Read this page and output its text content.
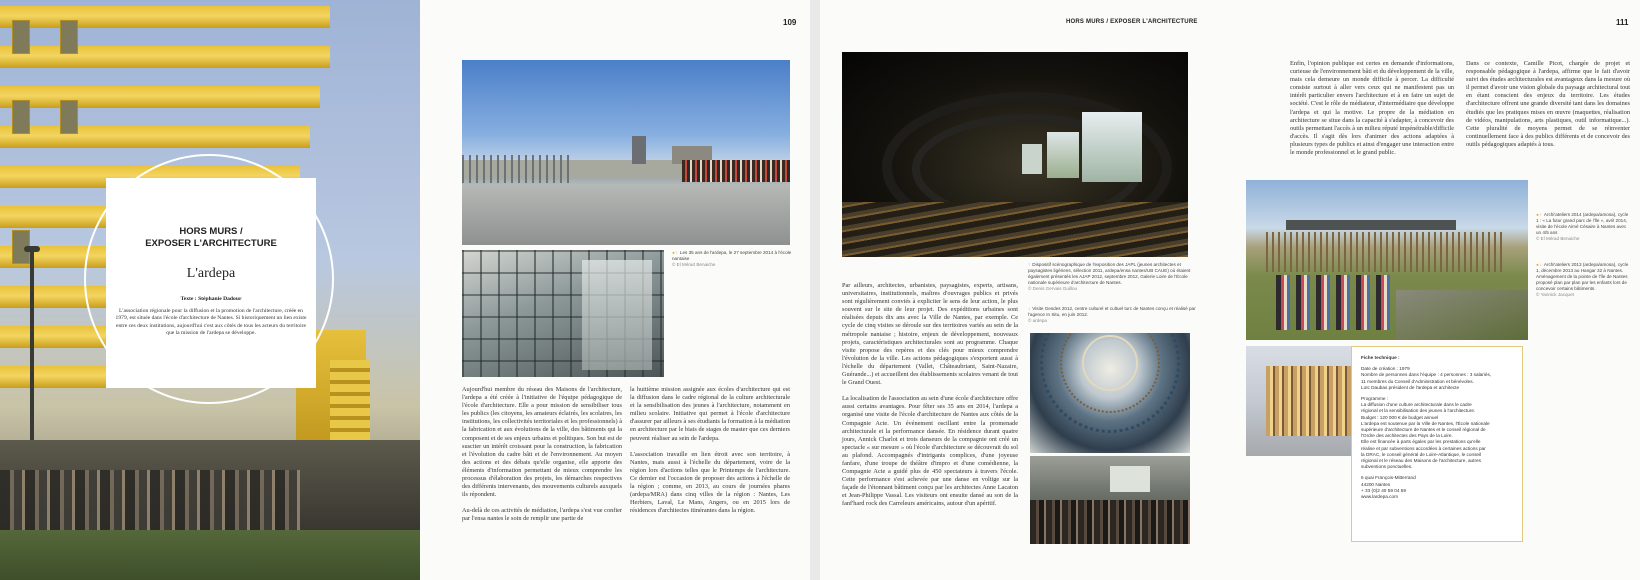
HORS MURS /
EXPOSER L'ARCHITECTURE
L'ardepa
Texte : Stéphanie Dadour
L'association régionale pour la diffusion et la promotion de l'architecture, créée en 1979, est située dans l'école d'architecture de Nantes. Si historiquement un lien existe entre ces deux institutions, aujourd'hui c'est aux côtés de tous les acteurs du territoire que la mission de l'ardepa se développe.
109
◂ ↑ Les 35 ans de l'ardepa, le 27 septembre 2014 à l'école nantaise
© El Mérad Benaiche

Aujourd'hui membre du réseau des Maisons de l'architecture, l'ardepa a été créée à l'initiative de l'équipe pédagogique de l'école d'architecture. Elle a pour mission de sensibiliser tous les publics (les citoyens, les amateurs éclairés, les scolaires, les institutions, les collectivités territoriales et les professionnels) à la fabrication et aux évolutions de la ville, des bâtiments qui la composent et de ses enjeux urbains et politiques. Son but est de susciter un intérêt croissant pour la construction, la fabrication et l'évolution du cadre bâti et de l'environnement. Au moyen des actions et des débats qu'elle organise, elle apporte des éléments d'information permettant de mieux comprendre les processus d'élaboration des projets, les démarches respectives des différents intervenants, des mouvements culturels auxquels ils répondent.

Au-delà de ces activités de médiation, l'ardepa s'est vue confier par l'ensa nantes le soin de remplir une partie de

la huitième mission assignée aux écoles d'architecture qui est la diffusion dans le cadre régional de la culture architecturale et la sensibilisation des jeunes à l'architecture, notamment en milieu scolaire. Initiative qui permet à l'école d'architecture d'assurer par ailleurs à ses étudiants la formation à la médiation en architecture par le biais de stages de master que ces derniers peuvent réaliser au sein de l'ardepa.

L'association travaille en lien étroit avec son territoire, à Nantes, mais aussi à l'échelle du département, voire de la région lors d'actions telles que le Printemps de l'architecture. Ce dernier est l'occasion de proposer des actions à l'échelle de la région ; comme, en 2013, au cours de journées phares (ardepa/MRA) dans cinq villes de la région : Nantes, Les Herbiers, Laval, Le Mans, Angers, ou en 2015 lors de résidences d'architectes itinérantes dans la région.

HORS MURS / EXPOSER L'ARCHITECTURE	111
↑ Dispositif scénographique de l'exposition des JAPL (jeunes architectes et paysagistes ligériens, sélection 2011, ardepa/ensa nantes/UB CAUE) où étaient également présentés les AJAP 2012, septembre 2012, Galerie Loire de l'École nationale supérieure d'architecture de Nantes.
© Denis Gervais Guillou
↓ Visite Gesdes 2012, centre culturel et cultuel turc de Nantes conçu et réalisé par l'agence In Situ, en juin 2012.
© ardepa

Par ailleurs, architectes, urbanistes, paysagistes, experts, artisans, universitaires, institutionnels, maîtres d'ouvrages publics et privés sont régulièrement conviés à expliciter le sens de leur action, le plus souvent sur le site de leur projet. Des expéditions urbaines sont réalisées depuis dix ans avec la Ville de Nantes, par exemple. Ce cycle de cinq visites se déroule sur des territoires variés au sein de la métropole nantaise ; histoire, enjeux de développement, nouveaux projets, caractéristiques architecturales sont au programme. Chaque visite propose des repères et des clés pour mieux comprendre l'évolution de la ville. Les actions pédagogiques s'exportent aussi à l'échelle du département (Vallet, Châteaubriant, Saint-Nazaire, Guérande...) et accueillent des établissements scolaires venant de tout le Grand Ouest.

La localisation de l'association au sein d'une école d'architecture offre aussi certains avantages. Pour fêter ses 35 ans en 2014, l'ardepa a organisé une visite de l'école d'architecture de Nantes aux côtés de la Compagnie Acte. Un événement oscillant entre la promenade architecturale et la performance dansée. En résidence durant quatre jours, Annick Charlot et trois danseurs de la compagnie ont créé un spectacle « sur mesure » où l'école d'architecture se découvrait du sol au plafond. Accompagnés d'intrigants complices, d'une joyeuse fanfare, d'une troupe de théâtre d'impro et d'une comédienne, la Compagnie Acte a guidé plus de 450 spectateurs à travers l'école. Cette performance s'est achevée par une danse en voltige sur la façade de l'étonnant bâtiment conçu par les architectes Anne Lacaton et Jean-Philippe Vassal. Les visiteurs ont ensuite dansé au son de la fanf'hard rock des Carreleurs américains, autour d'un apéritif.

Enfin, l'opinion publique est certes en demande d'informations, curieuse de l'environnement bâti et du développement de la ville, mais cela demeure un monde difficile à percer. La difficulté consiste surtout à aller vers ceux qui ne manifestent pas un intérêt particulier envers l'architecture et à en faire un sujet de société. C'est le rôle de médiateur, d'intermédiaire que développe l'ardepa et qui la motive. Le propre de la médiation en architecture se situe dans la capacité à s'adapter, à concevoir des outils permettant l'accès à un milieu réputé impénétrable/difficile d'accès. Il s'agit dès lors d'animer des actions adaptées à plusieurs types de publics et ainsi d'engager une interaction entre le monde professionnel et le grand public.

Dans ce contexte, Camille Picot, chargée de projet et responsable pédagogique à l'ardepa, affirme que le fait d'avoir suivi des études architecturales est avantageux dans la mesure où il permet d'avoir une vision globale du paysage architectural tout en étant conscient des enjeux du territoire. Les études d'architecture offrent une grande diversité tant dans les domaines étudiés que les pratiques mises en œuvre (maquettes, réalisation de vidéos, manipulations, arts plastiques, outil informatique...). Cette pluralité de moyens permet de se réinventer continuellement face à des publics différents et de concevoir des outils pédagogiques adaptés à tous.

◂ ↑ Archi'ateliers 2014 (ardepa/amosa), cycle 1 : « La futur grand parc de l'Île », avril 2014, visite de l'école Aimé Césaire à Nantes avec un 4/5 ans
© El Mérad Benaiche
◂ ↓ Archi'ateliers 2013 (ardepa/amosa), cycle 1, décembre 2013 au Hangar 32 à Nantes. Aménagement de la pointe de l'île de Nantes proposé plan par plan par les enfants lors de concevoir certains bâtiments.
© Yannick Jacquet
Fiche technique :
Date de création : 1979
Nombre de personnes dans l'équipe : 4 personnes : 3 salariés,
11 membres du Conseil d'Administration et bénévoles.
Loïc Daubas président de l'ardepa et architecte
Programme :
La diffusion d'une culture architecturale dans le cadre
régional et la sensibilisation des jeunes à l'architecture.
Budget : 120 000 € de budget annuel
L'ardepa est soutenue par la Ville de Nantes, l'École nationale
supérieure d'architecture de Nantes et le conseil régional de
l'Ordre des architectes des Pays de la Loire.
Elle est financée à parts égales par les prestations qu'elle
réalise et par subventions accordées à certaines actions par
la DRAC, le conseil général de Loire-Atlantique, le conseil
régional et le réseau des Maisons de l'architecture, autres
subventions ponctuelles.
6 quai François-Mitterrand
44200 Nantes
+ 33 (0)2 40 59 04 59
www.lardepa.com
